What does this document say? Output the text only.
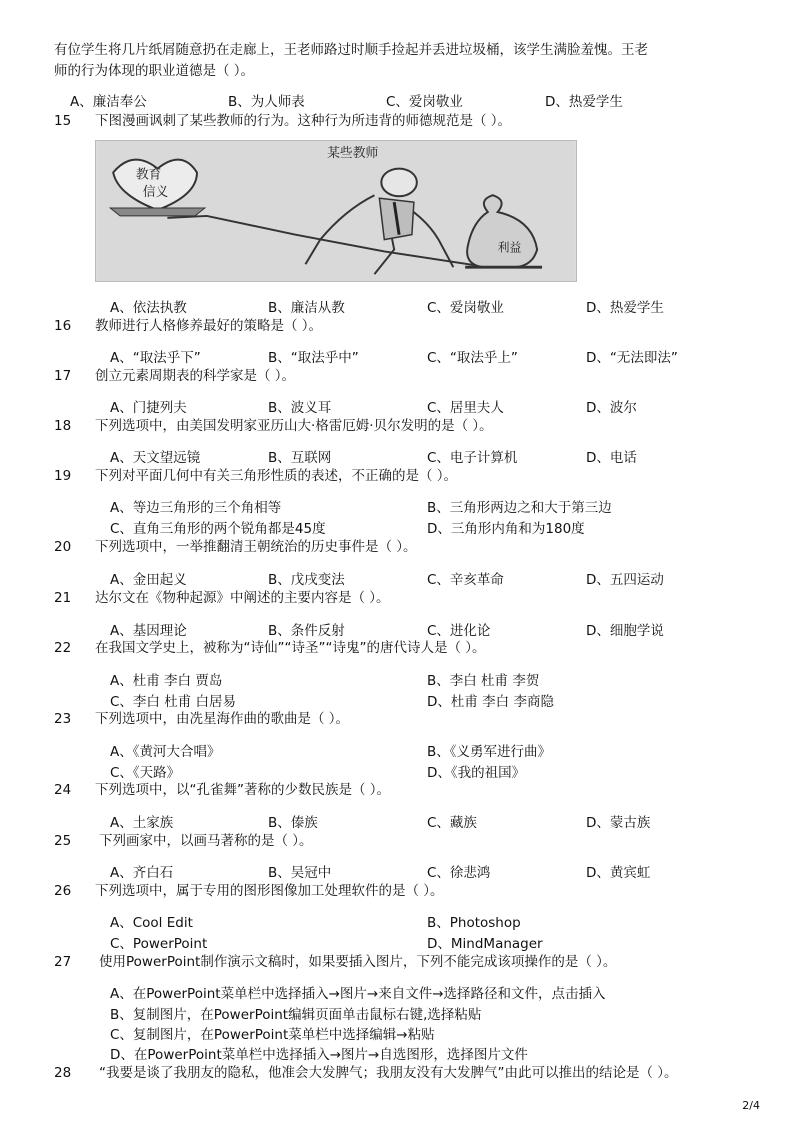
有位学生将几片纸屑随意扔在走廊上，王老师路过时顺手捡起并丢进垃圾桶，该学生满脸羞愧。王老
师的行为体现的职业道德是（ ）。
A、廉洁奉公	B、为人师表	C、爱岗敬业	D、热爱学生
15 下图漫画讽刺了某些教师的行为。这种行为所违背的师德规范是（ ）。
教育
信义
某些教师
利益
A、依法执教	B、廉洁从教	C、爱岗敬业	D、热爱学生
16 教师进行人格修养最好的策略是（ ）。
A、“取法乎下”	B、“取法乎中”	C、“取法乎上”	D、“无法即法”
17 创立元素周期表的科学家是（ ）。
A、门捷列夫	B、波义耳	C、居里夫人	D、波尔
18 下列选项中，由美国发明家亚历山大·格雷厄姆·贝尔发明的是（ ）。
A、天文望远镜	B、互联网	C、电子计算机	D、电话
19 下列对平面几何中有关三角形性质的表述，不正确的是（ ）。
A、等边三角形的三个角相等	B、三角形两边之和大于第三边
C、直角三角形的两个锐角都是45度	D、三角形内角和为180度
20 下列选项中，一举推翻清王朝统治的历史事件是（ ）。
A、金田起义	B、戊戌变法	C、辛亥革命	D、五四运动
21 达尔文在《物种起源》中阐述的主要内容是（ ）。
A、基因理论	B、条件反射	C、进化论	D、细胞学说
22 在我国文学史上，被称为“诗仙”“诗圣”“诗鬼”的唐代诗人是（ ）。
A、杜甫 李白 贾岛	B、李白 杜甫 李贺
C、李白 杜甫 白居易	D、杜甫 李白 李商隐
23 下列选项中，由冼星海作曲的歌曲是（ ）。
A、《黄河大合唱》	B、《义勇军进行曲》
C、《天路》	D、《我的祖国》
24 下列选项中，以“孔雀舞”著称的少数民族是（ ）。
A、土家族	B、傣族	C、藏族	D、蒙古族
25 下列画家中，以画马著称的是（ ）。
A、齐白石	B、吴冠中	C、徐悲鸿	D、黄宾虹
26 下列选项中，属于专用的图形图像加工处理软件的是（ ）。
A、Cool Edit	B、Photoshop
C、PowerPoint	D、MindManager
27 使用PowerPoint制作演示文稿时，如果要插入图片，下列不能完成该项操作的是（ ）。
A、在PowerPoint菜单栏中选择插入→图片→来自文件→选择路径和文件，点击插入
B、复制图片，在PowerPoint编辑页面单击鼠标右键,选择粘贴
C、复制图片，在PowerPoint菜单栏中选择编辑→粘贴
D、在PowerPoint菜单栏中选择插入→图片→自选图形，选择图片文件
28 “我要是谈了我朋友的隐私，他准会大发脾气；我朋友没有大发脾气”由此可以推出的结论是（ ）。
2/4
